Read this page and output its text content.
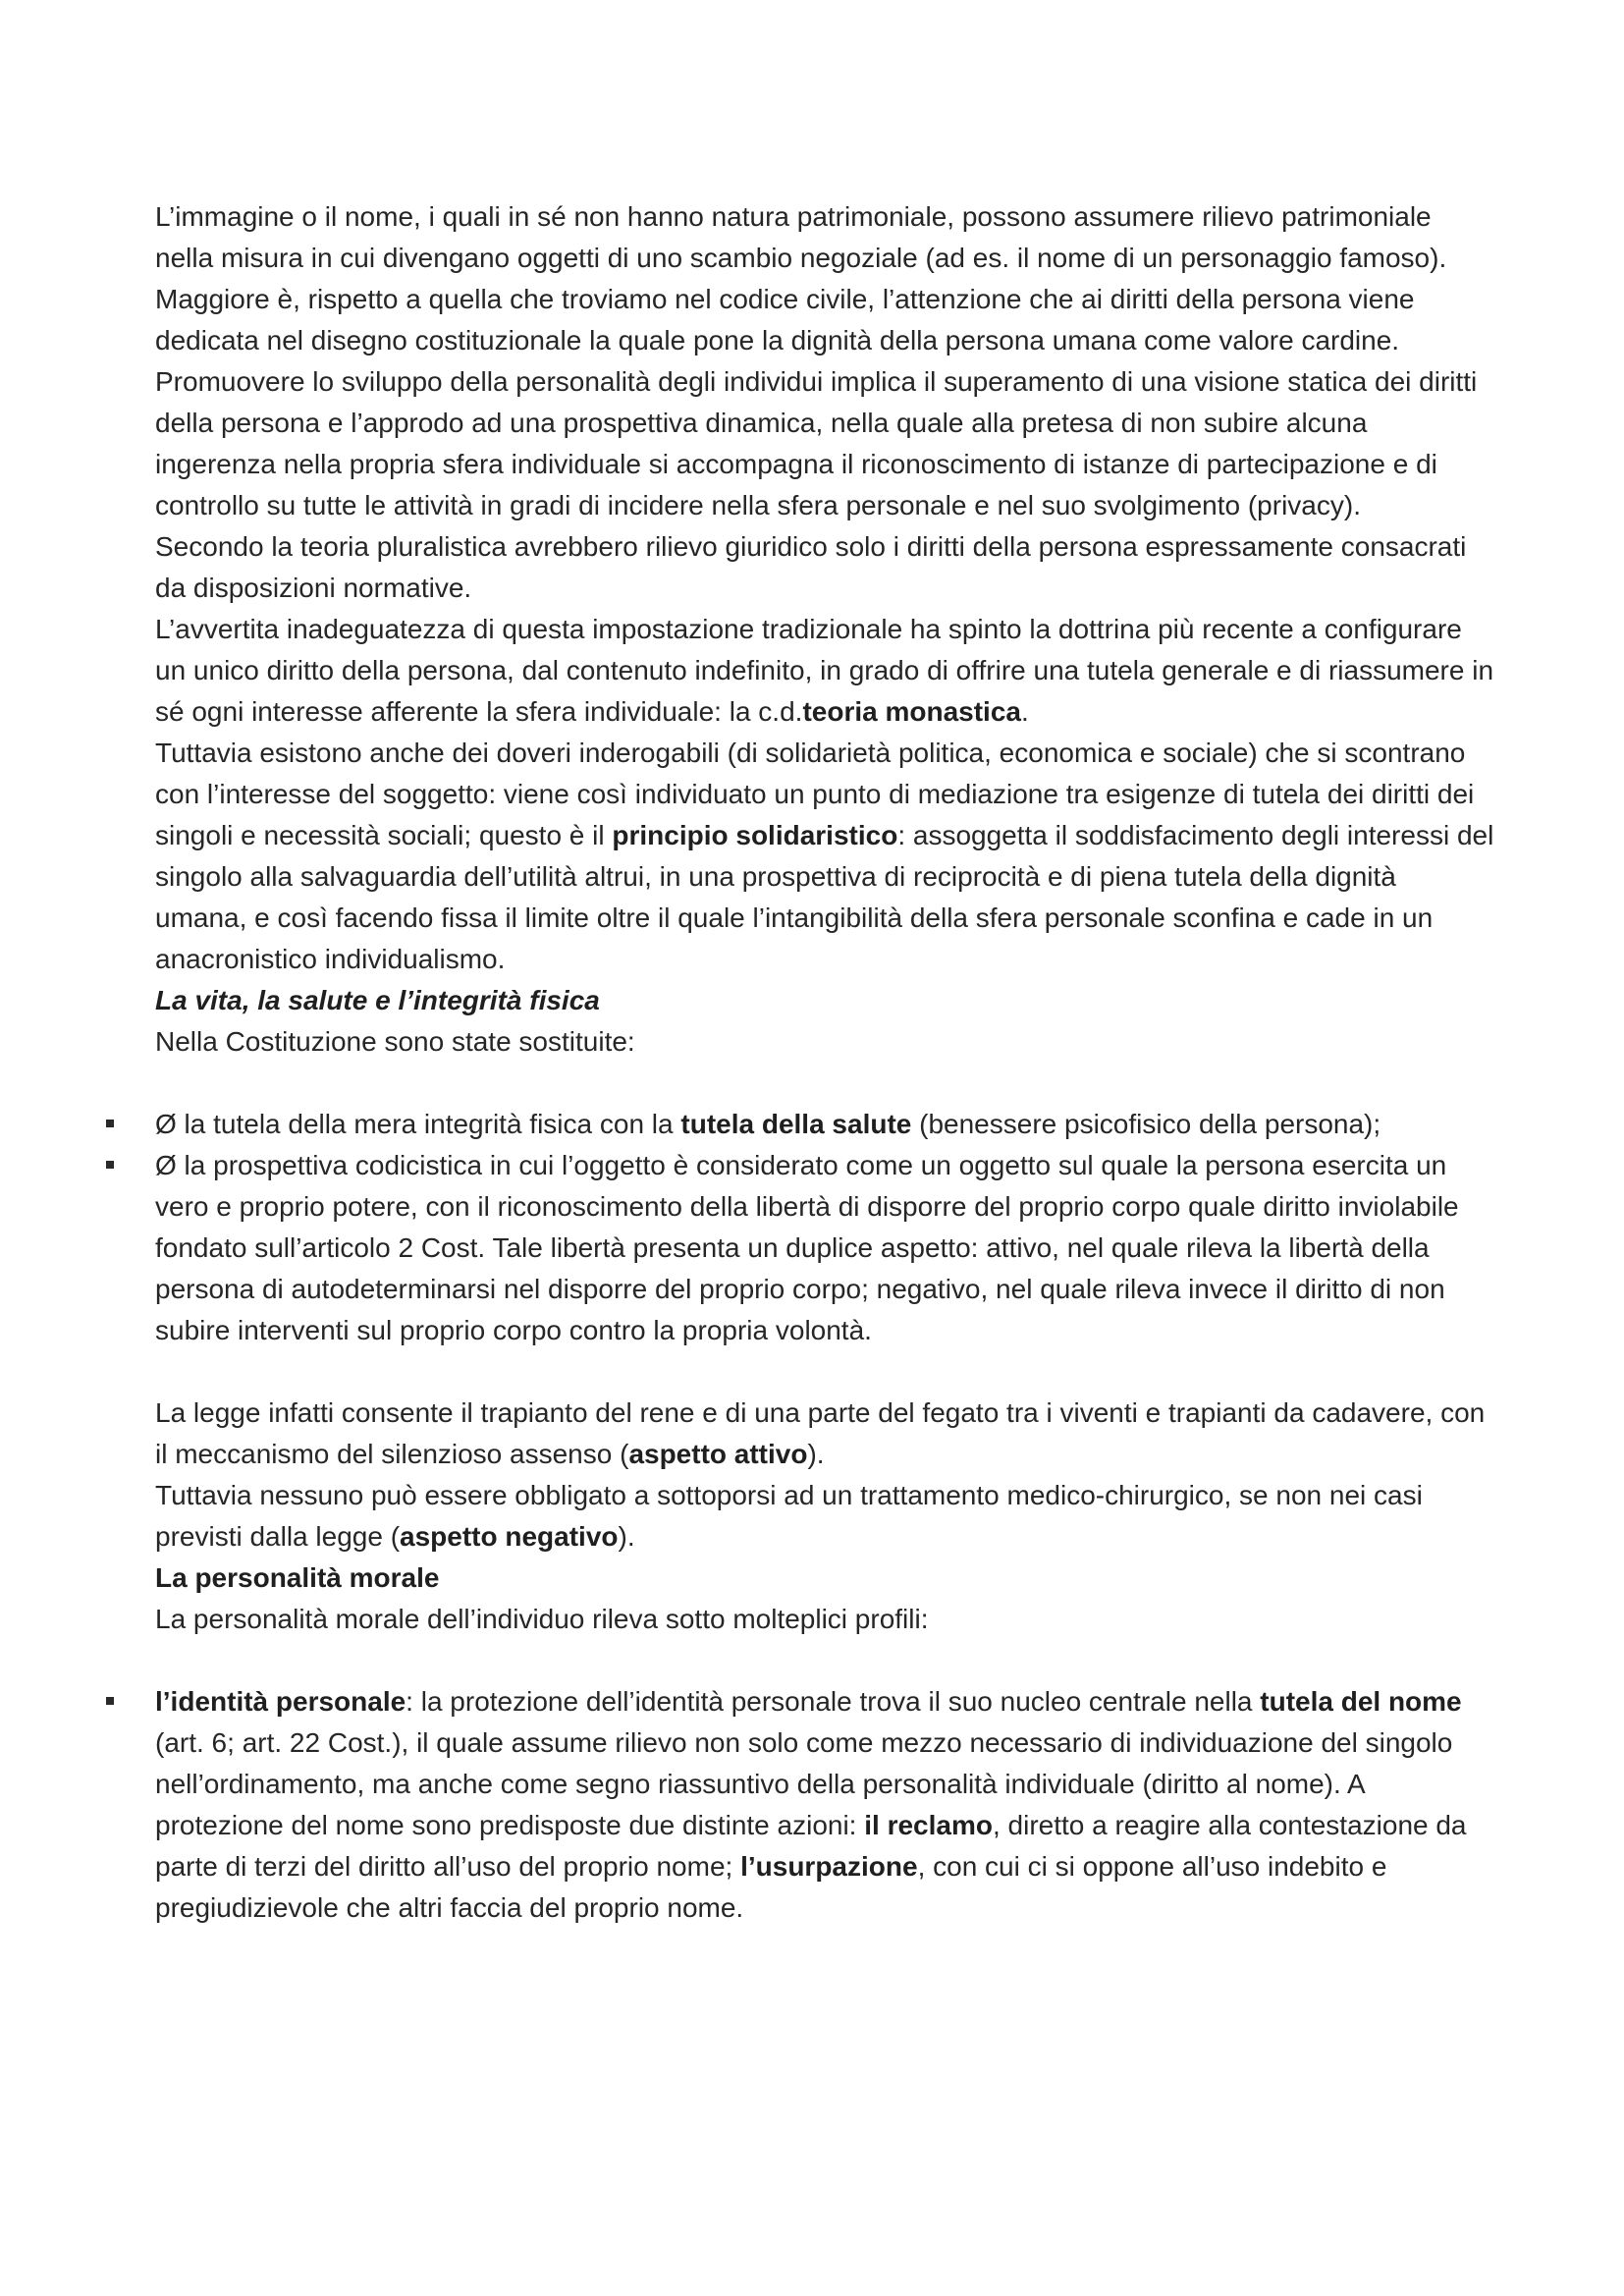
L’immagine o il nome, i quali in sé non hanno natura patrimoniale, possono assumere rilievo patrimoniale nella misura in cui divengano oggetti di uno scambio negoziale (ad es. il nome di un personaggio famoso).

Maggiore è, rispetto a quella che troviamo nel codice civile, l’attenzione che ai diritti della persona viene dedicata nel disegno costituzionale la quale pone la dignità della persona umana come valore cardine.

Promuovere lo sviluppo della personalità degli individui implica il superamento di una visione statica dei diritti della persona e l’approdo ad una prospettiva dinamica, nella quale alla pretesa di non subire alcuna ingerenza nella propria sfera individuale si accompagna il riconoscimento di istanze di partecipazione e di controllo su tutte le attività in gradi di incidere nella sfera personale e nel suo svolgimento (privacy).

Secondo la teoria pluralistica avrebbero rilievo giuridico solo i diritti della persona espressamente consacrati da disposizioni normative.

L’avvertita inadeguatezza di questa impostazione tradizionale ha spinto la dottrina più recente a configurare un unico diritto della persona, dal contenuto indefinito, in grado di offrire una tutela generale e di riassumere in sé ogni interesse afferente la sfera individuale: la c.d.teoria monastica.

Tuttavia esistono anche dei doveri inderogabili (di solidarietà politica, economica e sociale) che si scontrano con l’interesse del soggetto: viene così individuato un punto di mediazione tra esigenze di tutela dei diritti dei singoli e necessità sociali; questo è il principio solidaristico: assoggetta il soddisfacimento degli interessi del singolo alla salvaguardia dell’utilità altrui, in una prospettiva di reciprocità e di piena tutela della dignità umana, e così facendo fissa il limite oltre il quale l’intangibilità della sfera personale sconfina e cade in un anacronistico individualismo.

La vita, la salute e l’integrità fisica

Nella Costituzione sono state sostituite:

Ø la tutela della mera integrità fisica con la tutela della salute (benessere psicofisico della persona);
Ø la prospettiva codicistica in cui l’oggetto è considerato come un oggetto sul quale la persona esercita un vero e proprio potere, con il riconoscimento della libertà di disporre del proprio corpo quale diritto inviolabile fondato sull’articolo 2 Cost. Tale libertà presenta un duplice aspetto: attivo, nel quale rileva la libertà della persona di autodeterminarsi nel disporre del proprio corpo; negativo, nel quale rileva invece il diritto di non subire interventi sul proprio corpo contro la propria volontà.

La legge infatti consente il trapianto del rene e di una parte del fegato tra i viventi e trapianti da cadavere, con il meccanismo del silenzioso assenso (aspetto attivo).

Tuttavia nessuno può essere obbligato a sottoporsi ad un trattamento medico-chirurgico, se non nei casi previsti dalla legge (aspetto negativo).

La personalità morale

La personalità morale dell’individuo rileva sotto molteplici profili:

l’identità personale: la protezione dell’identità personale trova il suo nucleo centrale nella tutela del nome (art. 6; art. 22 Cost.), il quale assume rilievo non solo come mezzo necessario di individuazione del singolo nell’ordinamento, ma anche come segno riassuntivo della personalità individuale (diritto al nome). A protezione del nome sono predisposte due distinte azioni: il reclamo, diretto a reagire alla contestazione da parte di terzi del diritto all’uso del proprio nome; l’usurpazione, con cui ci si oppone all’uso indebito e pregiudizievole che altri faccia del proprio nome.
